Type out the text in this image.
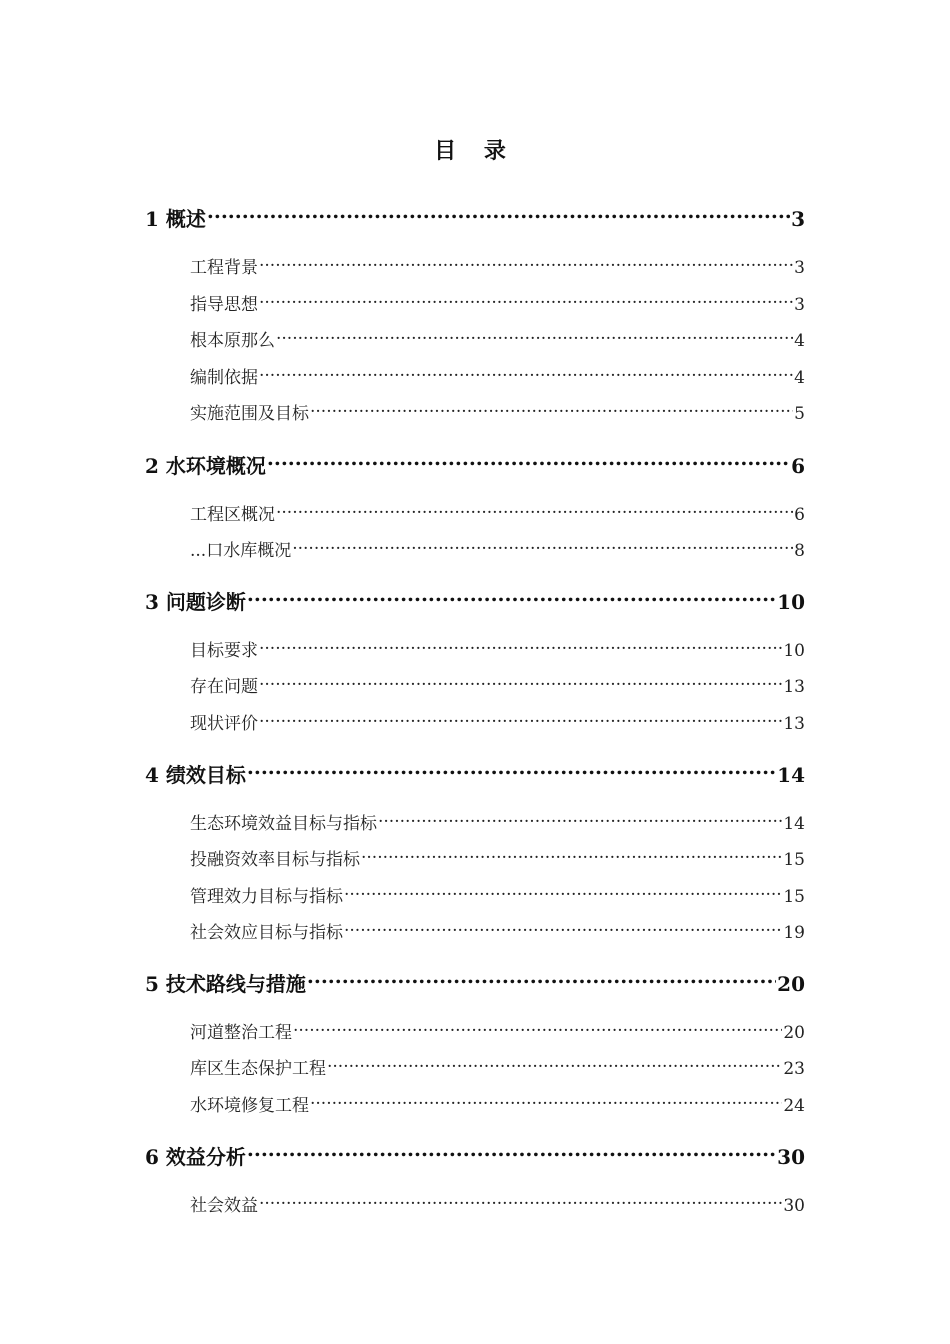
目 录
1 概述 .....	3
工程背景 .....	3
指导思想 .....	3
根本原那么 .....	4
编制依据 .....	4
实施范围及目标 .....	5
2 水环境概况 .....	6
工程区概况 .....	6
...口水库概况 .....	8
3 问题诊断 .....	10
目标要求 .....	10
存在问题 .....	13
现状评价 .....	13
4 绩效目标 .....	14
生态环境效益目标与指标 .....	14
投融资效率目标与指标 .....	15
管理效力目标与指标 .....	15
社会效应目标与指标 .....	19
5 技术路线与措施 .....	20
河道整治工程 .....	20
库区生态保护工程 .....	23
水环境修复工程 .....	24
6 效益分析 .....	30
社会效益 .....	30
